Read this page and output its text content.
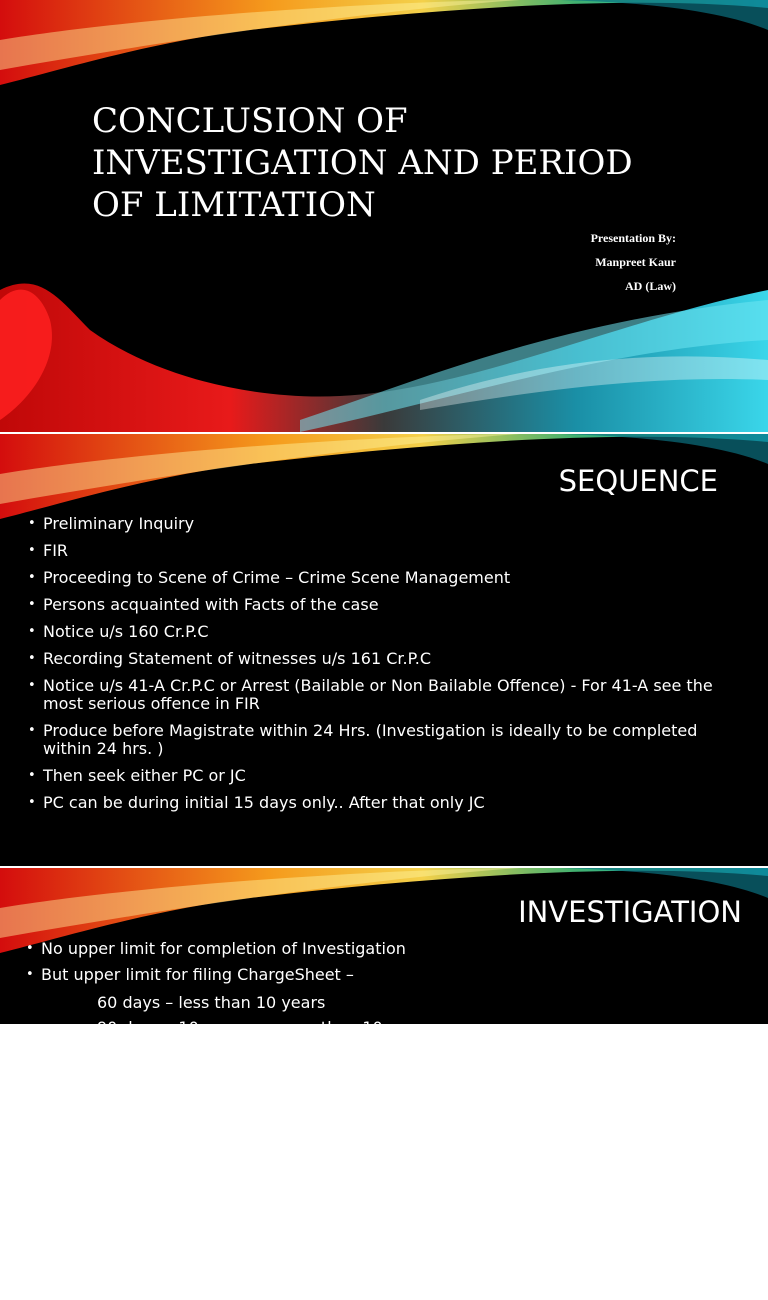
CONCLUSION OF INVESTIGATION AND PERIOD OF LIMITATION
Presentation By:
Manpreet Kaur
AD (Law)
SEQUENCE
• Preliminary Inquiry
• FIR
• Proceeding to Scene of Crime – Crime Scene Management
• Persons acquainted with Facts of the case
• Notice u/s 160 Cr.P.C
• Recording Statement of witnesses u/s 161 Cr.P.C
• Notice u/s 41-A Cr.P.C or Arrest (Bailable or Non Bailable Offence) - For 41-A see the most serious offence in FIR
• Produce before Magistrate within 24 Hrs. (Investigation is ideally to be completed within 24 hrs. )
• Then seek either PC or JC
• PC can be during initial 15 days only.. After that only JC
INVESTIGATION
• No upper limit for completion of Investigation
• But upper limit for filing ChargeSheet –
60 days – less than 10 years
90 days – 10 years or more than 10 years
